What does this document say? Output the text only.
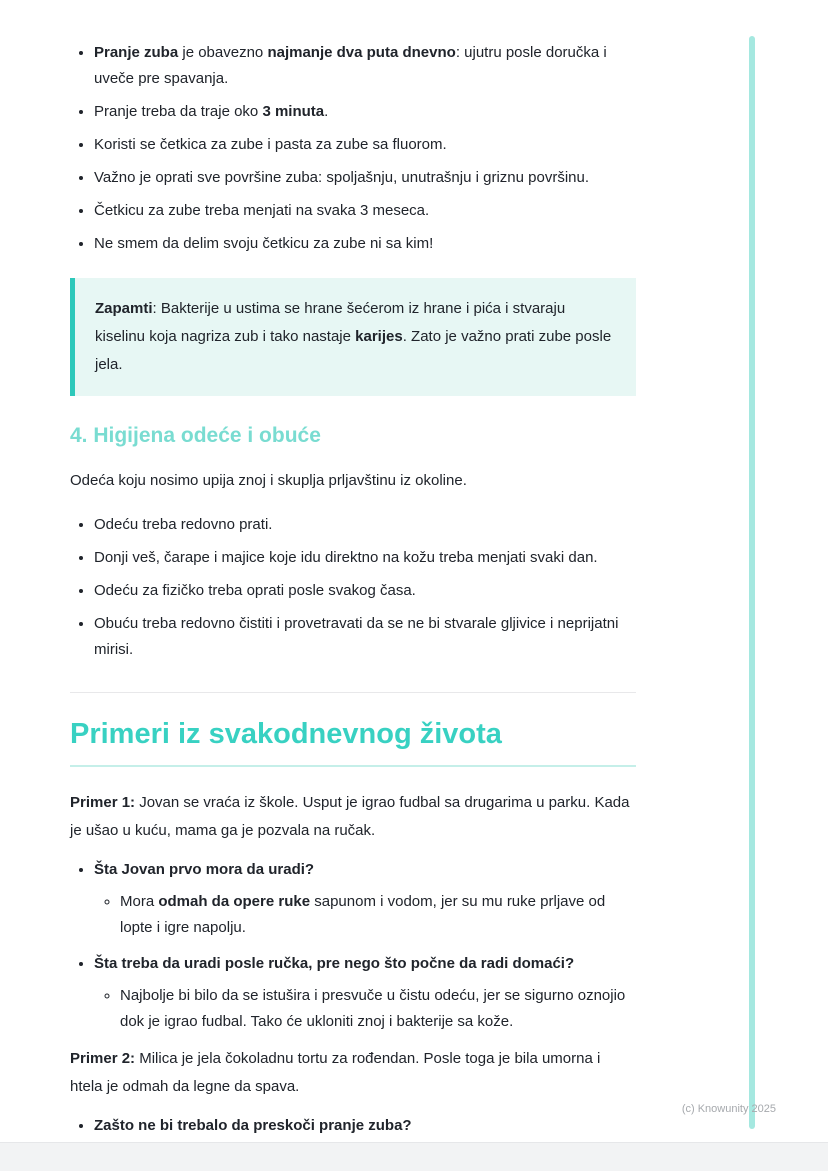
• Pranje zuba je obavezno najmanje dva puta dnevno: ujutru posle doručka i uveče pre spavanja.
• Pranje treba da traje oko 3 minuta.
• Koristi se četkica za zube i pasta za zube sa fluorom.
• Važno je oprati sve površine zuba: spoljašnju, unutrašnju i griznu površinu.
• Četkicu za zube treba menjati na svaka 3 meseca.
• Ne smem da delim svoju četkicu za zube ni sa kim!

Zapamti: Bakterije u ustima se hrane šećerom iz hrane i pića i stvaraju kiselinu koja nagriza zub i tako nastaje karijes. Zato je važno prati zube posle jela.

4. Higijena odeće i obuće

Odeća koju nosimo upija znoj i skuplja prljavštinu iz okoline.

• Odeću treba redovno prati.
• Donji veš, čarape i majice koje idu direktno na kožu treba menjati svaki dan.
• Odeću za fizičko treba oprati posle svakog časa.
• Obuću treba redovno čistiti i provetravati da se ne bi stvarale gljivice i neprijatni mirisi.
Primeri iz svakodnevnog života

Primer 1: Jovan se vraća iz škole. Usput je igrao fudbal sa drugarima u parku. Kada je ušao u kuću, mama ga je pozvala na ručak.

• Šta Jovan prvo mora da uradi?
◦ Mora odmah da opere ruke sapunom i vodom, jer su mu ruke prljave od lopte i igre napolju.
• Šta treba da uradi posle ručka, pre nego što počne da radi domaći?
◦ Najbolje bi bilo da se istušira i presvuče u čistu odeću, jer se sigurno oznojio dok je igrao fudbal. Tako će ukloniti znoj i bakterije sa kože.

Primer 2: Milica je jela čokoladnu tortu za rođendan. Posle toga je bila umorna i htela je odmah da legne da spava.

• Zašto ne bi trebalo da preskoči pranje zuba?
(c) Knowunity 2025
